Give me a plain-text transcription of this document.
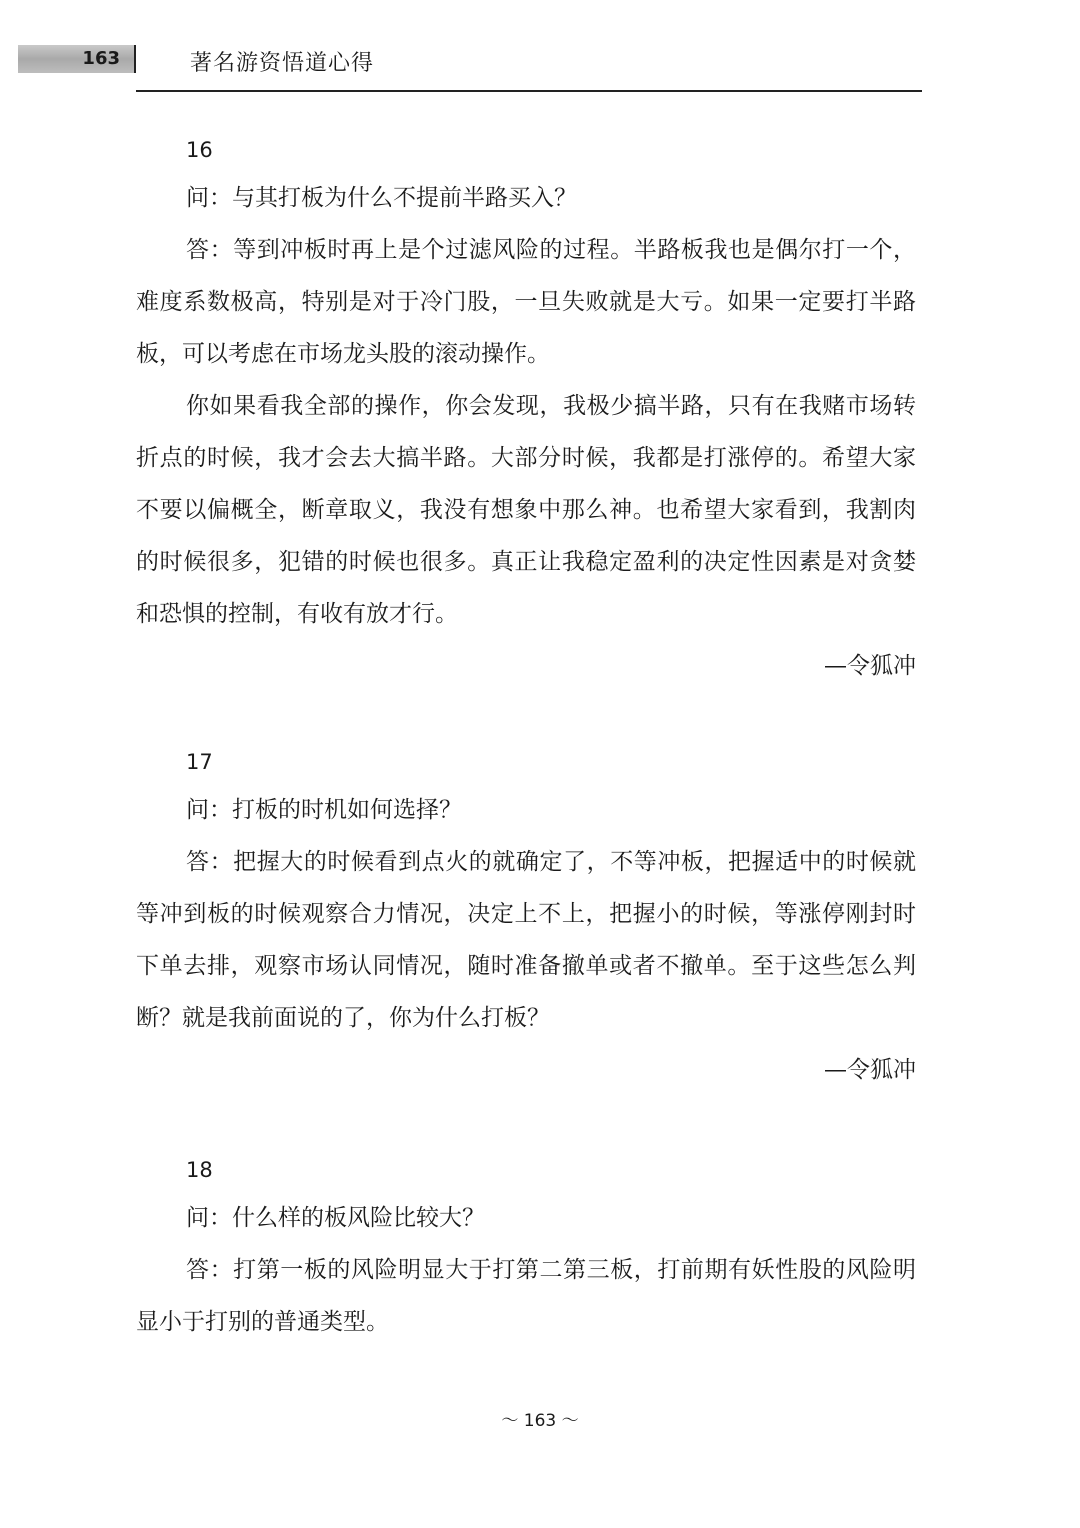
163	著名游资悟道心得
16
问：与其打板为什么不提前半路买入？

答：等到冲板时再上是个过滤风险的过程。半路板我也是偶尔打一个，难度系数极高，特别是对于冷门股，一旦失败就是大亏。如果一定要打半路板，可以考虑在市场龙头股的滚动操作。

你如果看我全部的操作，你会发现，我极少搞半路，只有在我赌市场转折点的时候，我才会去大搞半路。大部分时候，我都是打涨停的。希望大家不要以偏概全，断章取义，我没有想象中那么神。也希望大家看到，我割肉的时候很多，犯错的时候也很多。真正让我稳定盈利的决定性因素是对贪婪和恐惧的控制，有收有放才行。

—令狐冲
17
问：打板的时机如何选择？

答：把握大的时候看到点火的就确定了，不等冲板，把握适中的时候就等冲到板的时候观察合力情况，决定上不上，把握小的时候，等涨停刚封时下单去排，观察市场认同情况，随时准备撤单或者不撤单。至于这些怎么判断？就是我前面说的了，你为什么打板？

—令狐冲
18
问：什么样的板风险比较大？

答：打第一板的风险明显大于打第二第三板，打前期有妖性股的风险明显小于打别的普通类型。

～ 163 ～
